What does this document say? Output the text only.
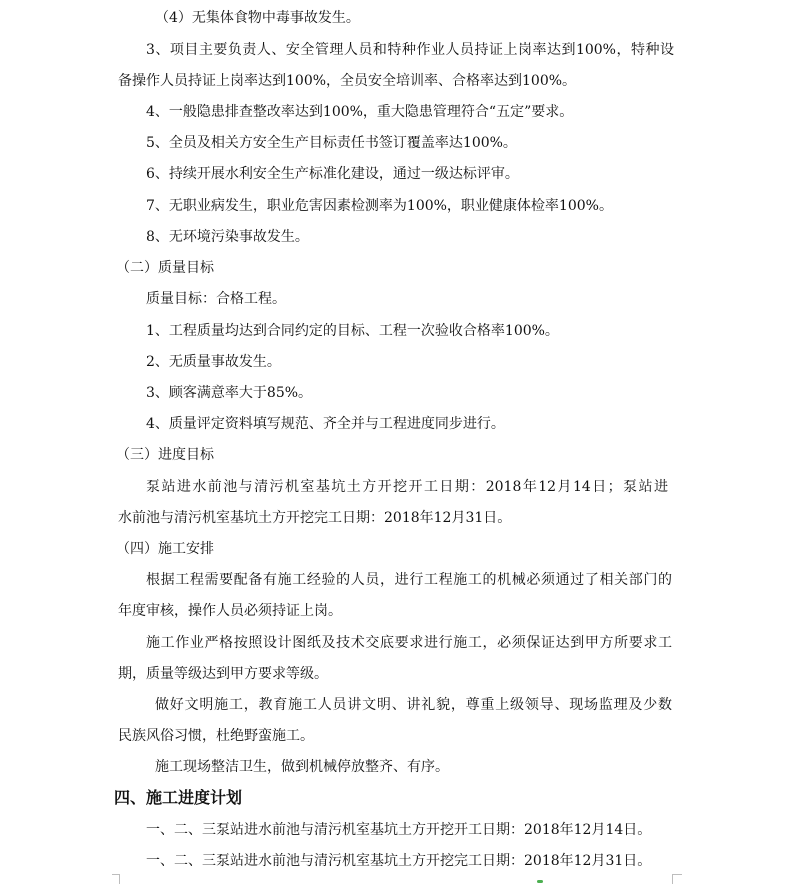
（4）无集体食物中毒事故发生。

3、项目主要负责人、安全管理人员和特种作业人员持证上岗率达到100%，特种设

备操作人员持证上岗率达到100%，全员安全培训率、合格率达到100%。

4、一般隐患排查整改率达到100%，重大隐患管理符合“五定”要求。

5、全员及相关方安全生产目标责任书签订覆盖率达100%。

6、持续开展水利安全生产标准化建设，通过一级达标评审。

7、无职业病发生，职业危害因素检测率为100%，职业健康体检率100%。

8、无环境污染事故发生。

（二）质量目标

质量目标：合格工程。

1、工程质量均达到合同约定的目标、工程一次验收合格率100%。

2、无质量事故发生。

3、顾客满意率大于85%。

4、质量评定资料填写规范、齐全并与工程进度同步进行。

（三）进度目标

泵站进水前池与清污机室基坑土方开挖开工日期：2018年12月14日；泵站进

水前池与清污机室基坑土方开挖完工日期：2018年12月31日。

（四）施工安排

根据工程需要配备有施工经验的人员，进行工程施工的机械必须通过了相关部门的

年度审核，操作人员必须持证上岗。

施工作业严格按照设计图纸及技术交底要求进行施工，必须保证达到甲方所要求工

期，质量等级达到甲方要求等级。

做好文明施工，教育施工人员讲文明、讲礼貌，尊重上级领导、现场监理及少数

民族风俗习惯，杜绝野蛮施工。

施工现场整洁卫生，做到机械停放整齐、有序。

四、施工进度计划

一、二、三泵站进水前池与清污机室基坑土方开挖开工日期：2018年12月14日。

一、二、三泵站进水前池与清污机室基坑土方开挖完工日期：2018年12月31日。
